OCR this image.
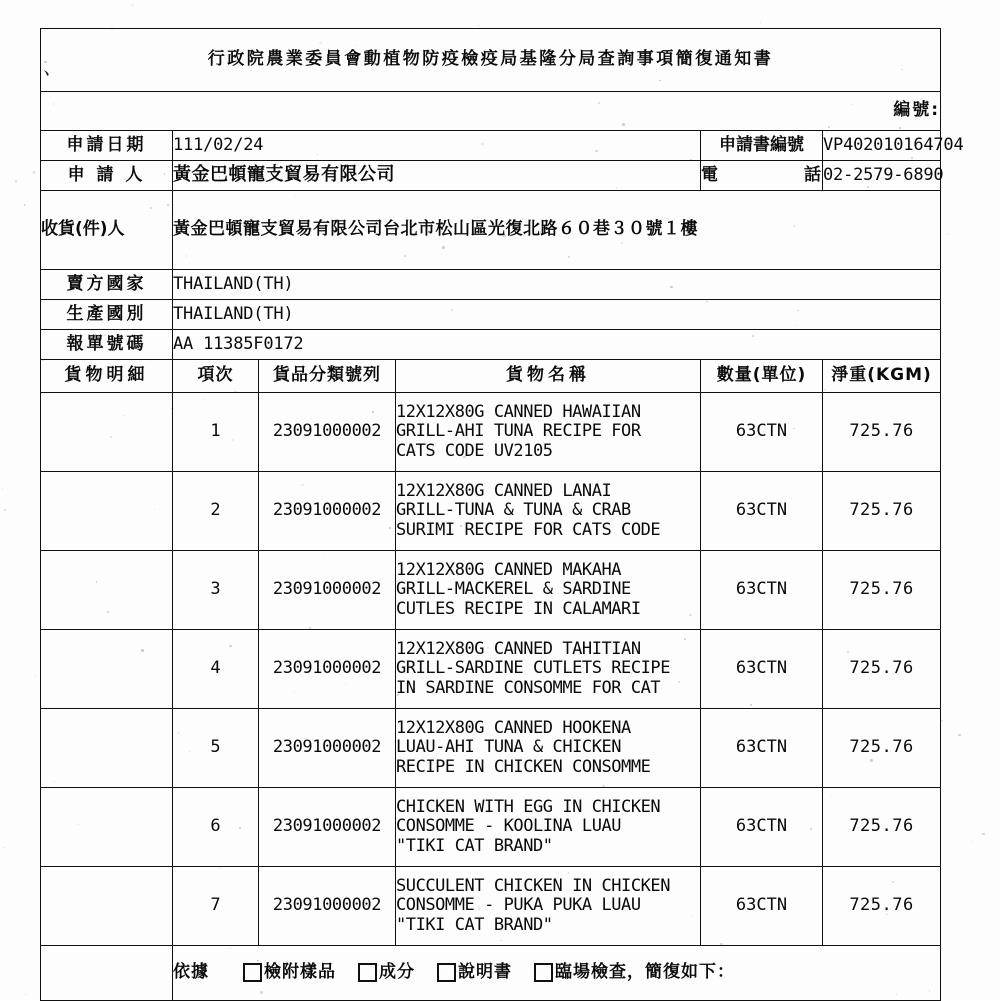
、	行政院農業委員會動植物防疫檢疫局基隆分局查詢事項簡復通知書					
編號:					
申請日期	111/02/24			申請書編號	VP402010164704
申 請 人	黃金巴頓寵支貿易有限公司			電 話	02-2579-6890
收貨(件)人	黃金巴頓寵支貿易有限公司台北市松山區光復北路６０巷３０號１樓				
賣方國家	THAILAND(TH)				
生產國別	THAILAND(TH)				
報單號碼	AA 11385F0172				
貨物明細	項次	貨品分類號列	貨物名稱	數量(單位)	淨重(KGM)
	1	23091000002	12X12X80G CANNED HAWAIIAN
GRILL-AHI TUNA RECIPE FOR
CATS CODE UV2105	63CTN	725.76
	2	23091000002	12X12X80G CANNED LANAI
GRILL-TUNA & TUNA & CRAB
SURIMI RECIPE FOR CATS CODE	63CTN	725.76
	3	23091000002	12X12X80G CANNED MAKAHA
GRILL-MACKEREL & SARDINE
CUTLES RECIPE IN CALAMARI	63CTN	725.76
	4	23091000002	12X12X80G CANNED TAHITIAN
GRILL-SARDINE CUTLETS RECIPE
IN SARDINE CONSOMME FOR CAT	63CTN	725.76
	5	23091000002	12X12X80G CANNED HOOKENA
LUAU-AHI TUNA & CHICKEN
RECIPE IN CHICKEN CONSOMME	63CTN	725.76
	6	23091000002	CHICKEN WITH EGG IN CHICKEN
CONSOMME - KOOLINA LUAU
"TIKI CAT BRAND"	63CTN	725.76
	7	23091000002	SUCCULENT CHICKEN IN CHICKEN
CONSOMME - PUKA PUKA LUAU
"TIKI CAT BRAND"	63CTN	725.76

	依據 檢附樣品 成分 說明書 臨場檢查，簡復如下：				
